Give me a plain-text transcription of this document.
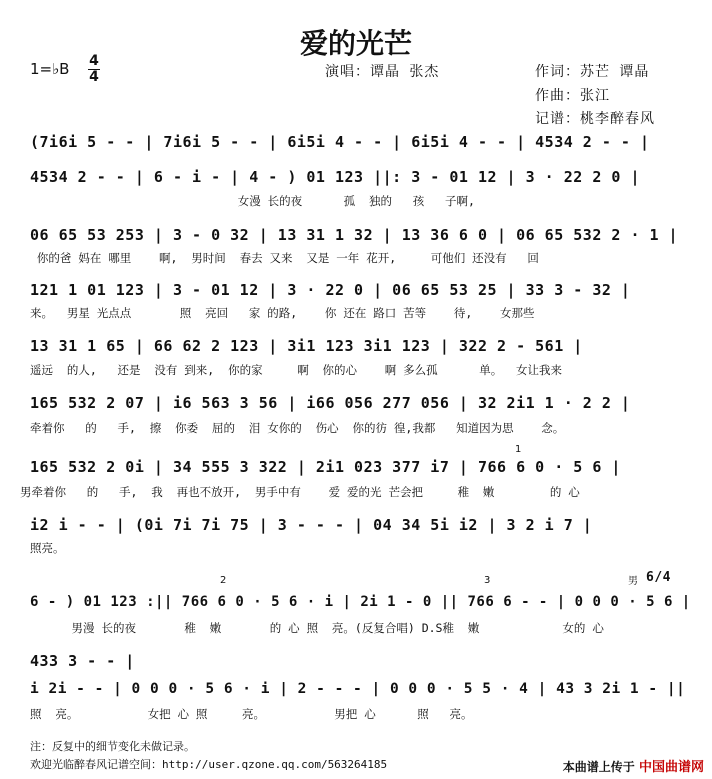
爱的光芒
1=♭B 4
4	演唱：谭晶 张杰	作词：苏芒 谭晶
作曲：张江
记谱：桃李醉春风
(7i6i 5 - - | 7i6i 5 - - | 6i5i 4 - - | 6i5i 4 - - | 4534 2 - - |
4534 2 - - | 6 - i - | 4 - ) 01 123 ||: 3 - 01 12 | 3 · 22 2 0 |
女漫 长的夜      孤  独的   孩   子啊,
06 65 53 253 | 3 - 0 32 | 13 31 1 32 | 13 36 6 0 | 06 65 532 2 · 1 |
你的爸 妈在 哪里    啊,  男时间  春去 又来  又是 一年 花开,     可他们 还没有   回
121 1 01 123 | 3 - 01 12 | 3 · 22 0 | 06 65 53 25 | 33 3 - 32 |
来。  男星 光点点       照  亮回   家 的路,    你 还在 路口 苦等    待,    女那些
13 31 1 65 | 66 62 2 123 | 3i1 123 3i1 123 | 322 2 - 561 |
遥远  的人,   还是  没有 到来,  你的家     啊  你的心    啊 多么孤      单。  女让我来
165 532 2 07 | i6 563 3 56 | i66 056 277 056 | 32 2i1 1 · 2 2 |
牵着你   的   手,  擦  你委  屈的  泪 女你的  伤心  你的彷 徨,我都   知道因为思    念。
1
165 532 2 0i | 34 555 3 322 | 2i1 023 377 i7 | 766 6 0 · 5 6 |
男牵着你   的   手,  我  再也不放开,  男手中有    爱 爱的光 芒会把     稚  嫩        的 心
i2 i - - | (0i 7i 7i 75 | 3 - - - | 04 34 5i i2 | 3 2 i 7 |
照亮。
2	3	男 6/4
6 - ) 01 123 :|| 766 6 0 · 5 6 · i | 2i 1 - 0 || 766 6 - - | 0 0 0 · 5 6 |
男漫 长的夜       稚  嫩       的 心 照  亮。(反复合唱) D.S稚  嫩            女的 心
433 3 - - |
i 2i - - | 0 0 0 · 5 6 · i | 2 - - - | 0 0 0 · 5 5 · 4 | 43 3 2i 1 - ||
照  亮。          女把 心 照     亮。          男把 心      照   亮。
注：反复中的细节变化未做记录。
欢迎光临醉春风记谱空间：http://user.qzone.qq.com/563264185	本曲谱上传于 中国曲谱网
